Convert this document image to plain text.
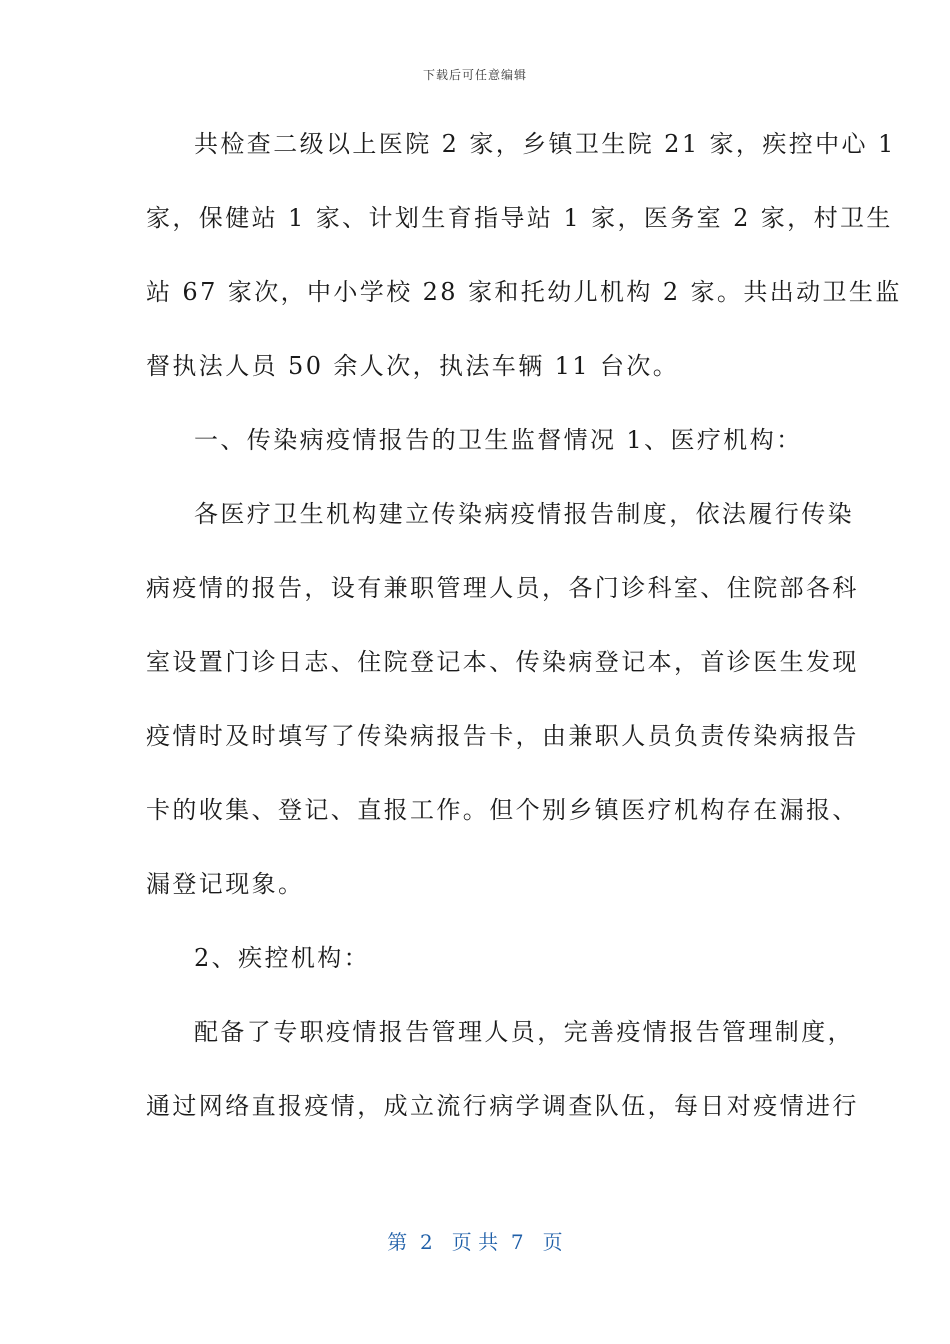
下载后可任意编辑
共检查二级以上医院 2 家，乡镇卫生院 21 家，疾控中心 1
家，保健站 1 家、计划生育指导站 1 家，医务室 2 家，村卫生
站 67 家次，中小学校 28 家和托幼儿机构 2 家。共出动卫生监
督执法人员 50 余人次，执法车辆 11 台次。
一、传染病疫情报告的卫生监督情况 1、医疗机构：
各医疗卫生机构建立传染病疫情报告制度，依法履行传染
病疫情的报告，设有兼职管理人员，各门诊科室、住院部各科
室设置门诊日志、住院登记本、传染病登记本，首诊医生发现
疫情时及时填写了传染病报告卡，由兼职人员负责传染病报告
卡的收集、登记、直报工作。但个别乡镇医疗机构存在漏报、
漏登记现象。
2、疾控机构：
配备了专职疫情报告管理人员，完善疫情报告管理制度，
通过网络直报疫情，成立流行病学调查队伍，每日对疫情进行
第  2   页 共  7   页
